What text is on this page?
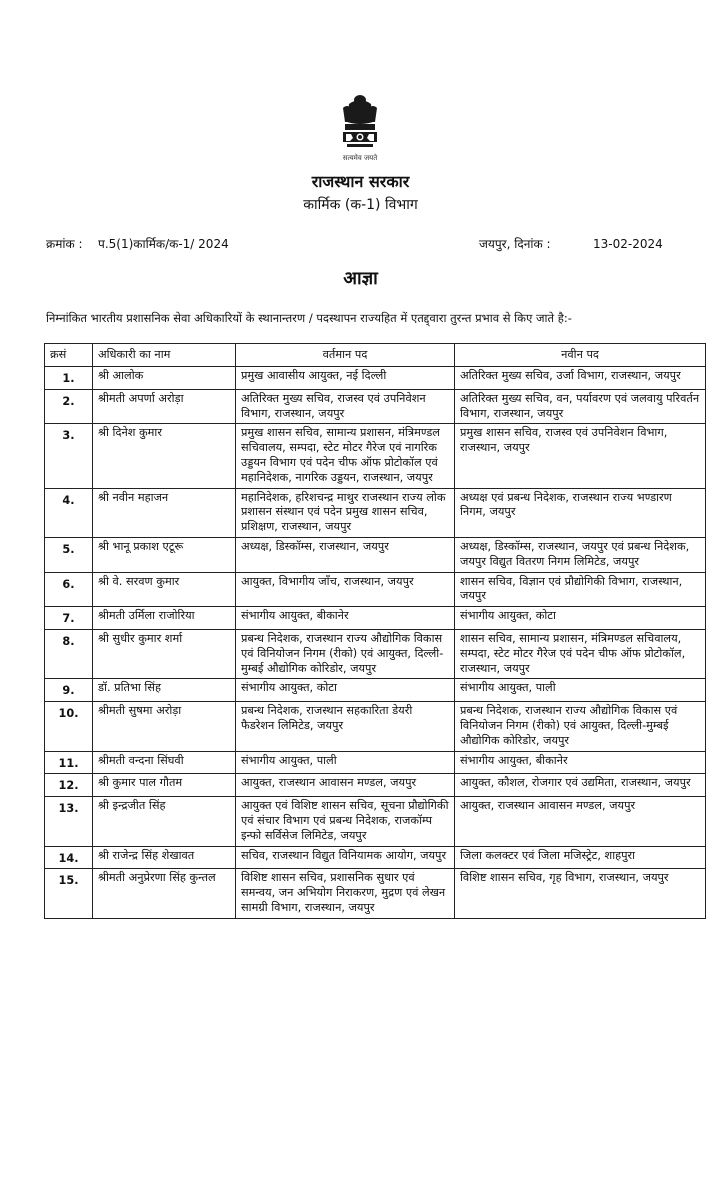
सत्यमेव जयते
राजस्थान सरकार
कार्मिक (क-1) विभाग
क्रमांक : प.5(1)कार्मिक/क-1/ 2024	जयपुर, दिनांक :	13-02-2024
आज्ञा
निम्नांकित भारतीय प्रशासनिक सेवा अधिकारियों के स्थानान्तरण / पदस्थापन राज्यहित में एतद्द्वारा तुरन्त प्रभाव से किए जाते है:-
क्रसं	अधिकारी का नाम	वर्तमान पद	नवीन पद
1.	श्री आलोक	प्रमुख आवासीय आयुक्त, नई दिल्ली	अतिरिक्त मुख्य सचिव, उर्जा विभाग, राजस्थान, जयपुर
2.	श्रीमती अपर्णा अरोड़ा	अतिरिक्त मुख्य सचिव, राजस्व एवं उपनिवेशन विभाग, राजस्थान, जयपुर	अतिरिक्त मुख्य सचिव, वन, पर्यावरण एवं जलवायु परिवर्तन विभाग, राजस्थान, जयपुर
3.	श्री दिनेश कुमार	प्रमुख शासन सचिव, सामान्य प्रशासन, मंत्रिमण्डल सचिवालय, सम्पदा, स्टेट मोटर गैरेज एवं नागरिक उड्डयन विभाग एवं पदेन चीफ ऑफ प्रोटोकॉल एवं महानिदेशक, नागरिक उड्डयन, राजस्थान, जयपुर	प्रमुख शासन सचिव, राजस्व एवं उपनिवेशन विभाग, राजस्थान, जयपुर
4.	श्री नवीन महाजन	महानिदेशक, हरिशचन्द्र माथुर राजस्थान राज्य लोक प्रशासन संस्थान एवं पदेन प्रमुख शासन सचिव, प्रशिक्षण, राजस्थान, जयपुर	अध्यक्ष एवं प्रबन्ध निदेशक, राजस्थान राज्य भण्डारण निगम, जयपुर
5.	श्री भानू प्रकाश एटूरू	अध्यक्ष, डिस्कॉम्स, राजस्थान, जयपुर	अध्यक्ष, डिस्कॉम्स, राजस्थान, जयपुर एवं प्रबन्ध निदेशक, जयपुर विद्युत वितरण निगम लिमिटेड, जयपुर
6.	श्री वे. सरवण कुमार	आयुक्त, विभागीय जाँच, राजस्थान, जयपुर	शासन सचिव, विज्ञान एवं प्रौद्योगिकी विभाग, राजस्थान, जयपुर
7.	श्रीमती उर्मिला राजोरिया	संभागीय आयुक्त, बीकानेर	संभागीय आयुक्त, कोटा
8.	श्री सुधीर कुमार शर्मा	प्रबन्ध निदेशक, राजस्थान राज्य औद्योगिक विकास एवं विनियोजन निगम (रीको) एवं आयुक्त, दिल्ली-मुम्बई औद्योगिक कोरिडोर, जयपुर	शासन सचिव, सामान्य प्रशासन, मंत्रिमण्डल सचिवालय, सम्पदा, स्टेट मोटर गैरेज एवं पदेन चीफ ऑफ प्रोटोकॉल, राजस्थान, जयपुर
9.	डॉ. प्रतिभा सिंह	संभागीय आयुक्त, कोटा	संभागीय आयुक्त, पाली
10.	श्रीमती सुषमा अरोड़ा	प्रबन्ध निदेशक, राजस्थान सहकारिता डेयरी फैडरेशन लिमिटेड, जयपुर	प्रबन्ध निदेशक, राजस्थान राज्य औद्योगिक विकास एवं विनियोजन निगम (रीको) एवं आयुक्त, दिल्ली-मुम्बई औद्योगिक कोरिडोर, जयपुर
11.	श्रीमती वन्दना सिंघवी	संभागीय आयुक्त, पाली	संभागीय आयुक्त, बीकानेर
12.	श्री कुमार पाल गौतम	आयुक्त, राजस्थान आवासन मण्डल, जयपुर	आयुक्त, कौशल, रोजगार एवं उद्यमिता, राजस्थान, जयपुर
13.	श्री इन्द्रजीत सिंह	आयुक्त एवं विशिष्ट शासन सचिव, सूचना प्रौद्योगिकी एवं संचार विभाग एवं प्रबन्ध निदेशक, राजकॉम्प इन्फो सर्विसेज लिमिटेड, जयपुर	आयुक्त, राजस्थान आवासन मण्डल, जयपुर
14.	श्री राजेन्द्र सिंह शेखावत	सचिव, राजस्थान विद्युत विनियामक आयोग, जयपुर	जिला कलक्टर एवं जिला मजिस्ट्रेट, शाहपुरा
15.	श्रीमती अनुप्रेरणा सिंह कुन्तल	विशिष्ट शासन सचिव, प्रशासनिक सुधार एवं समन्वय, जन अभियोग निराकरण, मुद्रण एवं लेखन सामग्री विभाग, राजस्थान, जयपुर	विशिष्ट शासन सचिव, गृह विभाग, राजस्थान, जयपुर
